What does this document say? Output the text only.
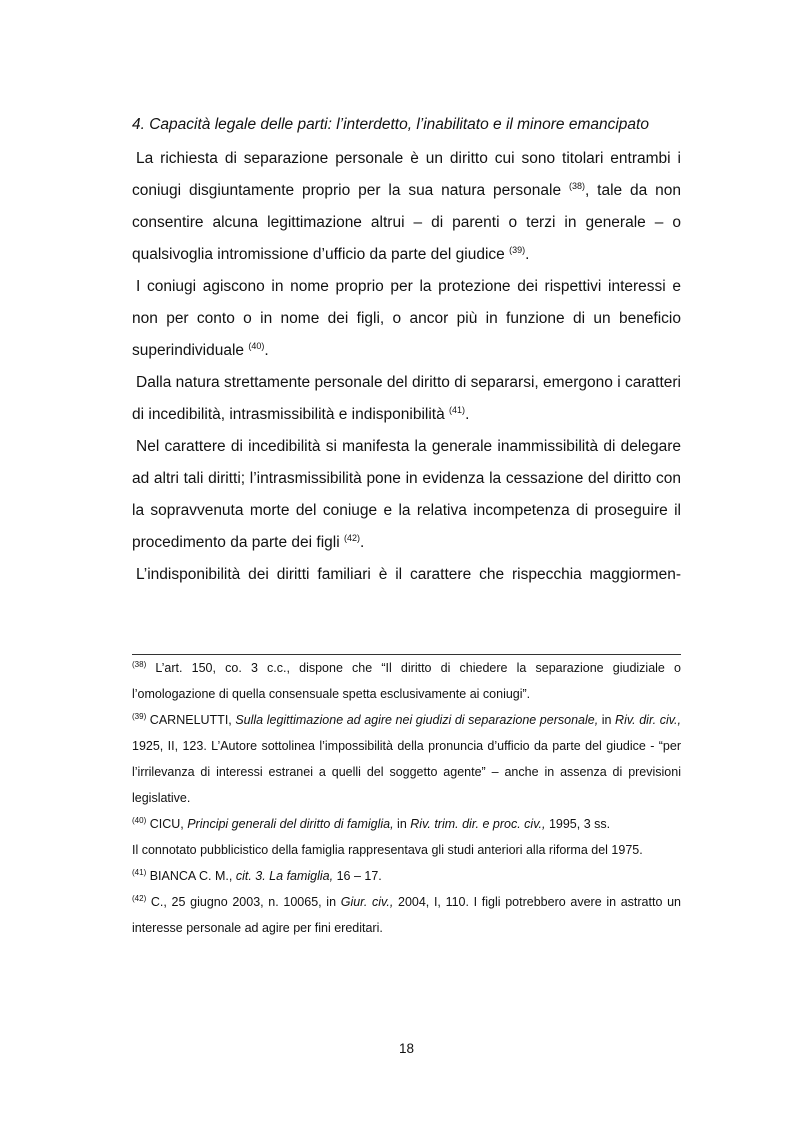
4. Capacità legale delle parti: l’interdetto, l’inabilitato e il minore emancipato

La richiesta di separazione personale è un diritto cui sono titolari entrambi i coniugi disgiuntamente proprio per la sua natura personale $^{(38)}$, tale da non consentire alcuna legittimazione altrui – di parenti o terzi in generale – o qualsivoglia intromissione d’ufficio da parte del giudice $^{(39)}$.

I coniugi agiscono in nome proprio per la protezione dei rispettivi interessi e non per conto o in nome dei figli, o ancor più in funzione di un beneficio superindividuale $^{(40)}$.

Dalla natura strettamente personale del diritto di separarsi, emergono i caratteri di incedibilità, intrasmissibilità e indisponibilità $^{(41)}$.

Nel carattere di incedibilità si manifesta la generale inammissibilità di delegare ad altri tali diritti; l’intrasmissibilità pone in evidenza la cessazione del diritto con la sopravvenuta morte del coniuge e la relativa incompetenza di proseguire il procedimento da parte dei figli $^{(42)}$.

L’indisponibilità dei diritti familiari è il carattere che rispecchia maggiormen-

$^{(38)}$ L’art. 150, co. 3 c.c., dispone che “Il diritto di chiedere la separazione giudiziale o l’omologazione di quella consensuale spetta esclusivamente ai coniugi”.

$^{(39)}$ CARNELUTTI, Sulla legittimazione ad agire nei giudizi di separazione personale, in Riv. dir. civ., 1925, II, 123. L’Autore sottolinea l’impossibilità della pronuncia d’ufficio da parte del giudice - “per l’irrilevanza di interessi estranei a quelli del soggetto agente” – anche in assenza di previsioni legislative.

$^{(40)}$ CICU, Principi generali del diritto di famiglia, in Riv. trim. dir. e proc. civ., 1995, 3 ss.

Il connotato pubblicistico della famiglia rappresentava gli studi anteriori alla riforma del 1975.

$^{(41)}$ BIANCA C. M., cit. 3. La famiglia, 16 – 17.

$^{(42)}$ C., 25 giugno 2003, n. 10065, in Giur. civ., 2004, I, 110. I figli potrebbero avere in astratto un interesse personale ad agire per fini ereditari.

18
